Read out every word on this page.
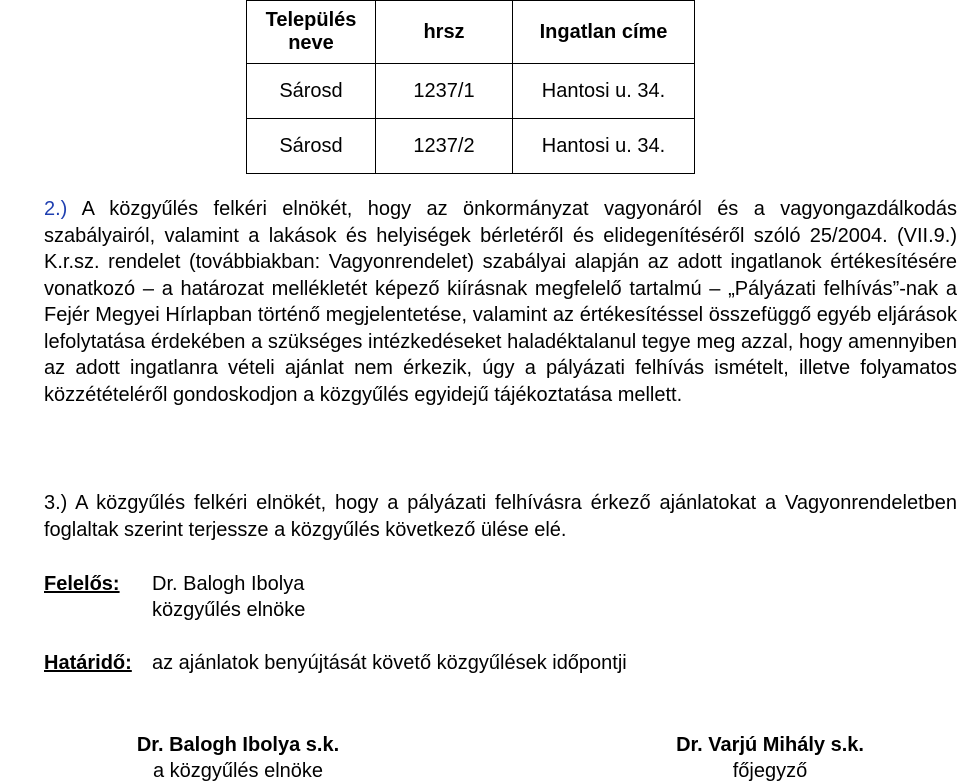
Település neve	hrsz	Ingatlan címe
Sárosd	1237/1	Hantosi u. 34.
Sárosd	1237/2	Hantosi u. 34.

2.) A közgyűlés felkéri elnökét, hogy az önkormányzat vagyonáról és a vagyongazdálkodás szabályairól, valamint a lakások és helyiségek bérletéről és elidegenítéséről szóló 25/2004. (VII.9.) K.r.sz. rendelet (továbbiakban: Vagyonrendelet) szabályai alapján az adott ingatlanok értékesítésére vonatkozó – a határozat mellékletét képező kiírásnak megfelelő tartalmú – „Pályázati felhívás”-nak a Fejér Megyei Hírlapban történő megjelentetése, valamint az értékesítéssel összefüggő egyéb eljárások lefolytatása érdekében a szükséges intézkedéseket haladéktalanul tegye meg azzal, hogy amennyiben az adott ingatlanra vételi ajánlat nem érkezik, úgy a pályázati felhívás ismételt, illetve folyamatos közzétételéről gondoskodjon a közgyűlés egyidejű tájékoztatása mellett.

3.) A közgyűlés felkéri elnökét, hogy a pályázati felhívásra érkező ajánlatokat a Vagyonrendeletben foglaltak szerint terjessze a közgyűlés következő ülése elé.

Felelős: Dr. Balogh Ibolya
közgyűlés elnöke
Határidő: az ajánlatok benyújtását követő közgyűlések időpontji
Dr. Balogh Ibolya s.k.
a közgyűlés elnöke
Dr. Varjú Mihály s.k.
főjegyző
